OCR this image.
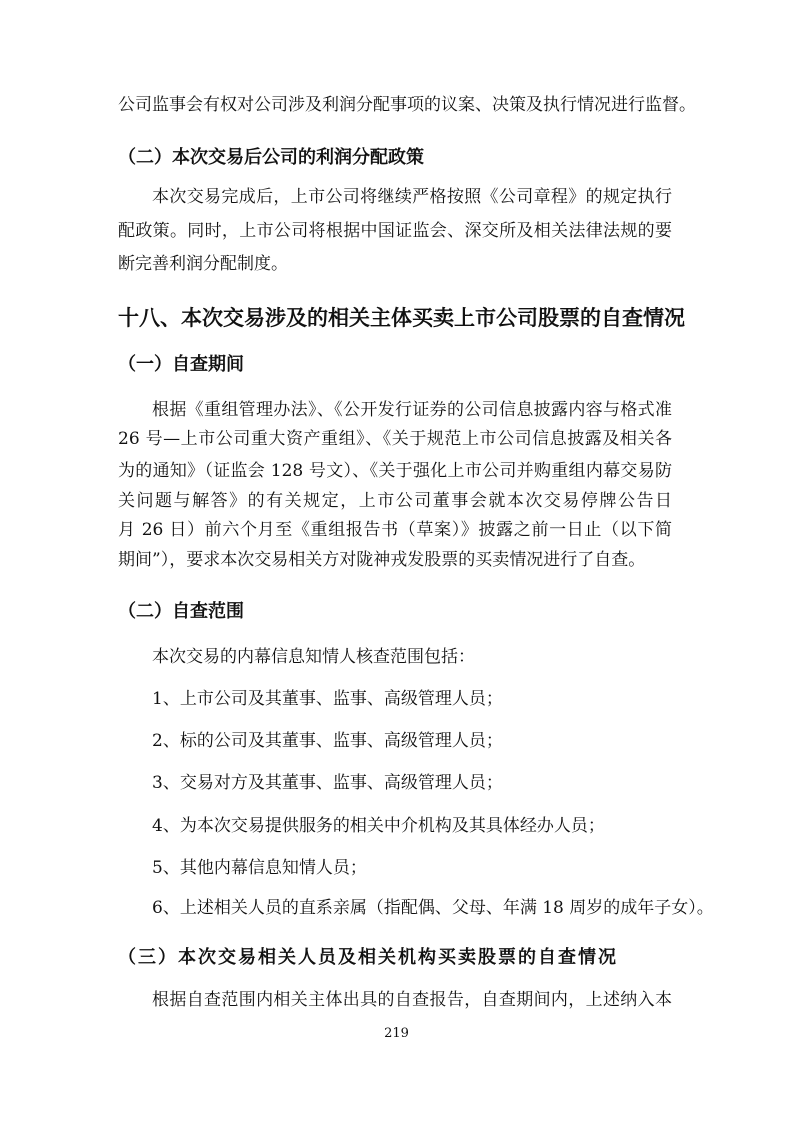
公司监事会有权对公司涉及利润分配事项的议案、决策及执行情况进行监督。
（二）本次交易后公司的利润分配政策
本次交易完成后，上市公司将继续严格按照《公司章程》的规定执行
配政策。同时，上市公司将根据中国证监会、深交所及相关法律法规的要
断完善利润分配制度。
十八、本次交易涉及的相关主体买卖上市公司股票的自查情况
（一）自查期间
根据《重组管理办法》、《公开发行证券的公司信息披露内容与格式准
26 号—上市公司重大资产重组》、《关于规范上市公司信息披露及相关各
为的通知》（证监会 128 号文）、《关于强化上市公司并购重组内幕交易防
关问题与解答》的有关规定，上市公司董事会就本次交易停牌公告日
月 26 日）前六个月至《重组报告书（草案）》披露之前一日止（以下简
期间”），要求本次交易相关方对陇神戎发股票的买卖情况进行了自查。
（二）自查范围
本次交易的内幕信息知情人核查范围包括：
1、上市公司及其董事、监事、高级管理人员；
2、标的公司及其董事、监事、高级管理人员；
3、交易对方及其董事、监事、高级管理人员；
4、为本次交易提供服务的相关中介机构及其具体经办人员；
5、其他内幕信息知情人员；
6、上述相关人员的直系亲属（指配偶、父母、年满 18 周岁的成年子女）。
（三）本次交易相关人员及相关机构买卖股票的自查情况
根据自查范围内相关主体出具的自查报告，自查期间内，上述纳入本
219
